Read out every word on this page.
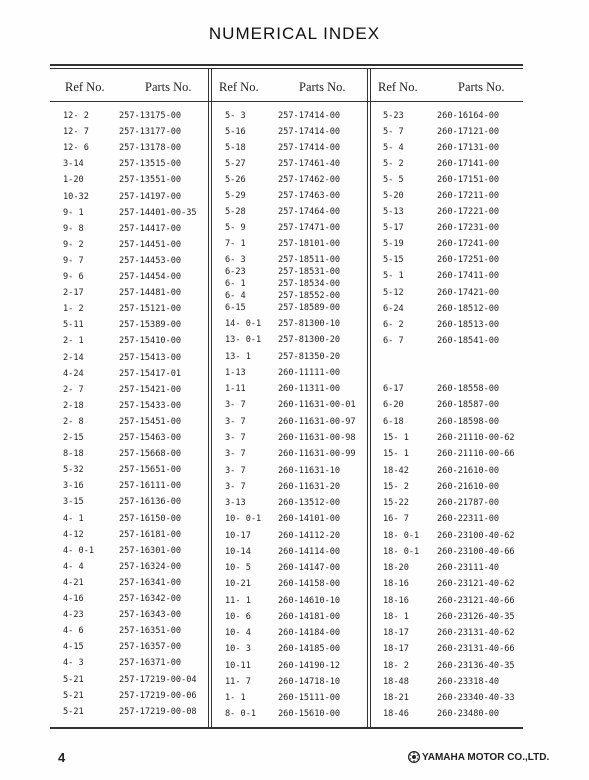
NUMERICAL INDEX
Ref No.	Parts No.
12- 2	257-13175-00
12- 7	257-13177-00
12- 6	257-13178-00
3-14	257-13515-00
1-20	257-13551-00
10-32	257-14197-00
9- 1	257-14401-00-35
9- 8	257-14417-00
9- 2	257-14451-00
9- 7	257-14453-00
9- 6	257-14454-00
2-17	257-14481-00
1- 2	257-15121-00
5-11	257-15389-00
2- 1	257-15410-00
2-14	257-15413-00
4-24	257-15417-01
2- 7	257-15421-00
2-18	257-15433-00
2- 8	257-15451-00
2-15	257-15463-00
8-18	257-15668-00
5-32	257-15651-00
3-16	257-16111-00
3-15	257-16136-00
4- 1	257-16150-00
4-12	257-16181-00
4- 0-1	257-16301-00
4- 4	257-16324-00
4-21	257-16341-00
4-16	257-16342-00
4-23	257-16343-00
4- 6	257-16351-00
4-15	257-16357-00
4- 3	257-16371-00
5-21	257-17219-00-04
5-21	257-17219-00-06
5-21	257-17219-00-08
Ref No.	Parts No.
5- 3	257-17414-00
5-16	257-17414-00
5-18	257-17414-00
5-27	257-17461-40
5-26	257-17462-00
5-29	257-17463-00
5-28	257-17464-00
5- 9	257-17471-00
7- 1	257-18101-00
6- 3	257-18511-00
6-23	257-18531-00
6- 1	257-18534-00
6- 4	257-18552-00
6-15	257-18589-00
14- 0-1 257-81300-10
13- 0-1 257-81300-20
13- 1	257-81350-20
1-13	260-11111-00
1-11	260-11311-00
3- 7	260-11631-00-01
3- 7	260-11631-00-97
3- 7	260-11631-00-98
3- 7	260-11631-00-99
3- 7	260-11631-10
3- 7	260-11631-20
3-13	260-13512-00
10- 0-1 260-14101-00
10-17	260-14112-20
10-14	260-14114-00
10- 5	260-14147-00
10-21	260-14158-00
11- 1	260-14610-10
10- 6	260-14181-00
10- 4	260-14184-00
10- 3	260-14185-00
10-11	260-14190-12
11- 7	260-14718-10
1- 1	260-15111-00
8- 0-1	260-15610-00
Ref No.	Parts No.
5-23	260-16164-00
5- 7	260-17121-00
5- 4	260-17131-00
5- 2	260-17141-00
5- 5	260-17151-00
5-20	260-17211-00
5-13	260-17221-00
5-17	260-17231-00
5-19	260-17241-00
5-15	260-17251-00
5- 1	260-17411-00
5-12	260-17421-00
6-24	260-18512-00
6- 2	260-18513-00
6- 7	260-18541-00
6-17	260-18558-00
6-20	260-18587-00
6-18	260-18598-00
15- 1	260-21110-00-62
15- 1	260-21110-00-66
18-42	260-21610-00
15- 2	260-21610-00
15-22	260-21787-00
16- 7	260-22311-00
18- 0-1 260-23100-40-62
18- 0-1 260-23100-40-66
18-20	260-23111-40
18-16	260-23121-40-62
18-16	260-23121-40-66
18- 1	260-23126-40-35
18-17	260-23131-40-62
18-17	260-23131-40-66
18- 2	260-23136-40-35
18-48	260-23318-40
18-21	260-23340-40-33
18-46	260-23480-00
4	YAMAHA MOTOR CO.,LTD.
